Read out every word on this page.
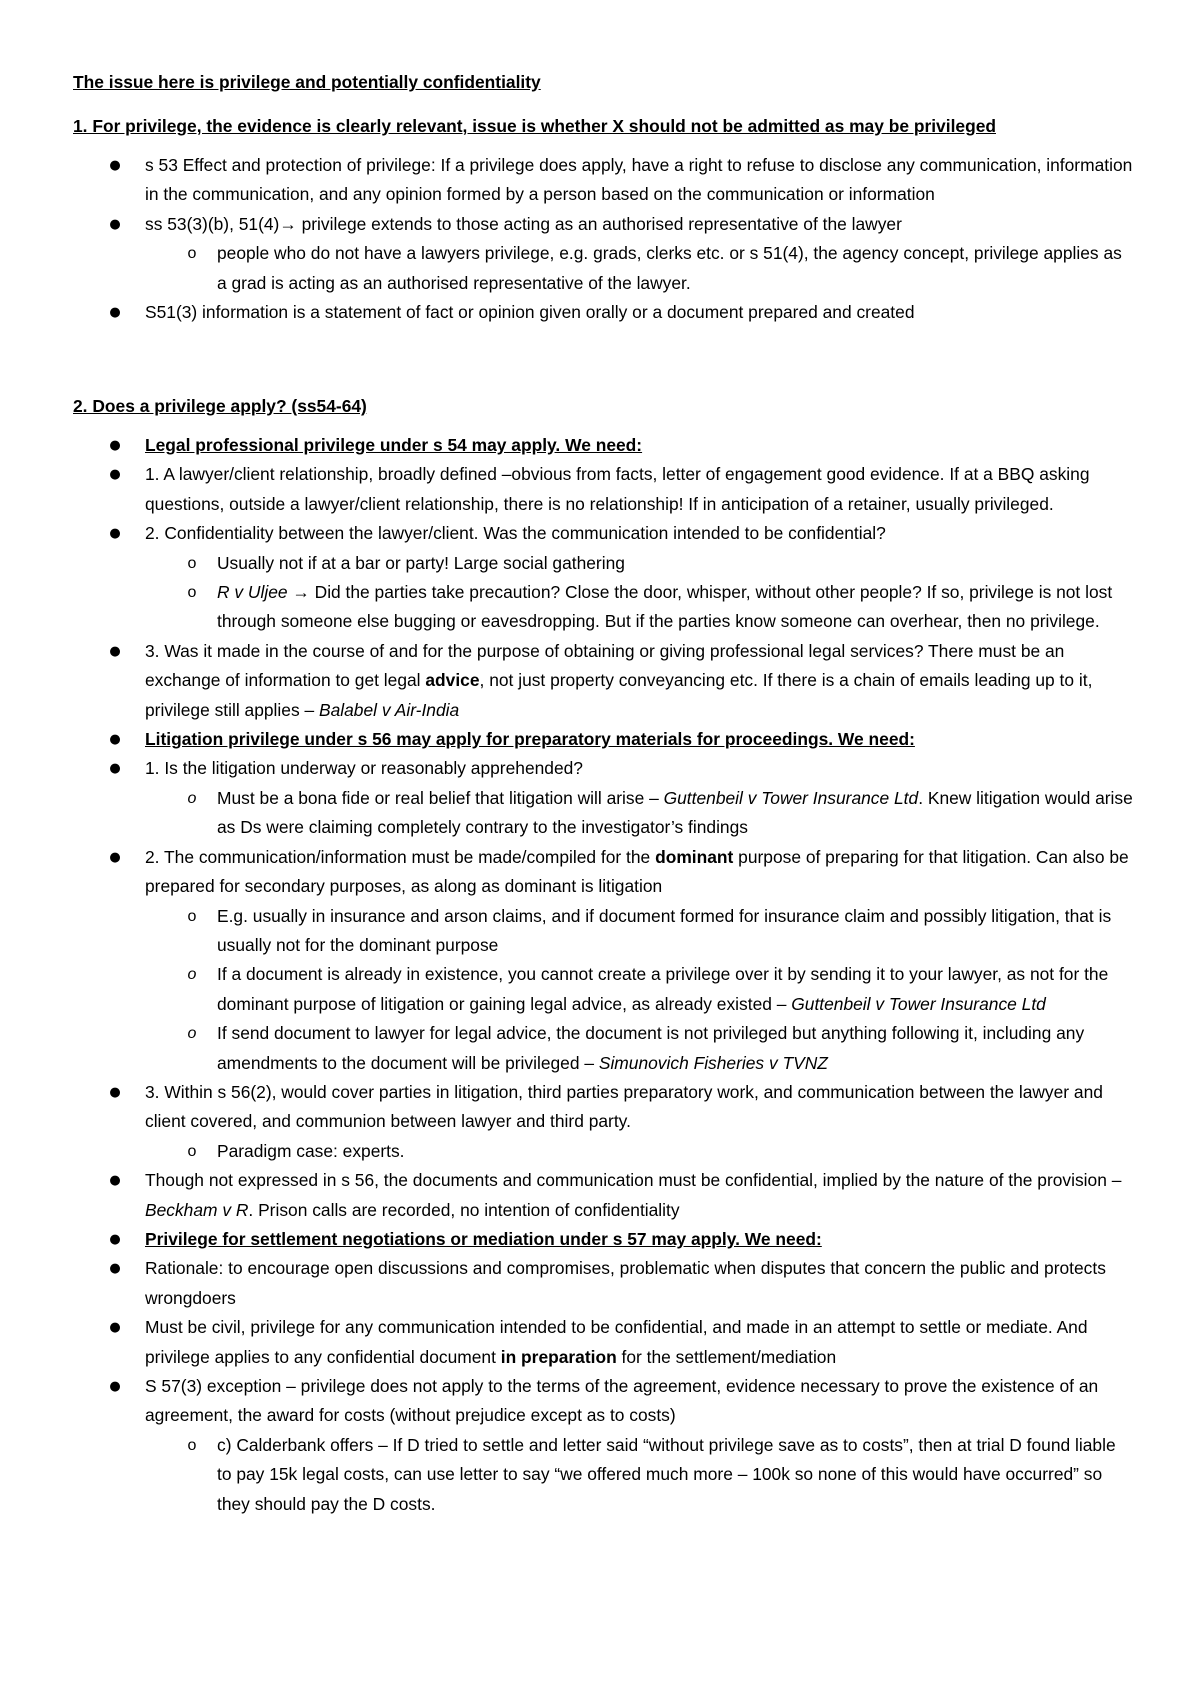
The issue here is privilege and potentially confidentiality
1. For privilege, the evidence is clearly relevant, issue is whether X should not be admitted as may be privileged
● s 53 Effect and protection of privilege: If a privilege does apply, have a right to refuse to disclose any communication, information in the communication, and any opinion formed by a person based on the communication or information
● ss 53(3)(b), 51(4)→ privilege extends to those acting as an authorised representative of the lawyer
o people who do not have a lawyers privilege, e.g. grads, clerks etc. or s 51(4), the agency concept, privilege applies as a grad is acting as an authorised representative of the lawyer.
● S51(3) information is a statement of fact or opinion given orally or a document prepared and created
2. Does a privilege apply? (ss54-64)
● Legal professional privilege under s 54 may apply. We need:
● 1. A lawyer/client relationship, broadly defined –obvious from facts, letter of engagement good evidence. If at a BBQ asking questions, outside a lawyer/client relationship, there is no relationship! If in anticipation of a retainer, usually privileged.
● 2. Confidentiality between the lawyer/client. Was the communication intended to be confidential?
o Usually not if at a bar or party! Large social gathering
o R v Uljee → Did the parties take precaution? Close the door, whisper, without other people? If so, privilege is not lost through someone else bugging or eavesdropping. But if the parties know someone can overhear, then no privilege.
● 3. Was it made in the course of and for the purpose of obtaining or giving professional legal services? There must be an exchange of information to get legal advice, not just property conveyancing etc. If there is a chain of emails leading up to it, privilege still applies – Balabel v Air-India
● Litigation privilege under s 56 may apply for preparatory materials for proceedings. We need:
● 1. Is the litigation underway or reasonably apprehended?
o Must be a bona fide or real belief that litigation will arise – Guttenbeil v Tower Insurance Ltd. Knew litigation would arise as Ds were claiming completely contrary to the investigator’s findings
● 2. The communication/information must be made/compiled for the dominant purpose of preparing for that litigation. Can also be prepared for secondary purposes, as along as dominant is litigation
o E.g. usually in insurance and arson claims, and if document formed for insurance claim and possibly litigation, that is usually not for the dominant purpose
o If a document is already in existence, you cannot create a privilege over it by sending it to your lawyer, as not for the dominant purpose of litigation or gaining legal advice, as already existed – Guttenbeil v Tower Insurance Ltd
o If send document to lawyer for legal advice, the document is not privileged but anything following it, including any amendments to the document will be privileged – Simunovich Fisheries v TVNZ
● 3. Within s 56(2), would cover parties in litigation, third parties preparatory work, and communication between the lawyer and client covered, and communion between lawyer and third party.
o Paradigm case: experts.
● Though not expressed in s 56, the documents and communication must be confidential, implied by the nature of the provision – Beckham v R. Prison calls are recorded, no intention of confidentiality
● Privilege for settlement negotiations or mediation under s 57 may apply. We need:
● Rationale: to encourage open discussions and compromises, problematic when disputes that concern the public and protects wrongdoers
● Must be civil, privilege for any communication intended to be confidential, and made in an attempt to settle or mediate. And privilege applies to any confidential document in preparation for the settlement/mediation
● S 57(3) exception – privilege does not apply to the terms of the agreement, evidence necessary to prove the existence of an agreement, the award for costs (without prejudice except as to costs)
o c) Calderbank offers – If D tried to settle and letter said “without privilege save as to costs”, then at trial D found liable to pay 15k legal costs, can use letter to say “we offered much more – 100k so none of this would have occurred” so they should pay the D costs.
